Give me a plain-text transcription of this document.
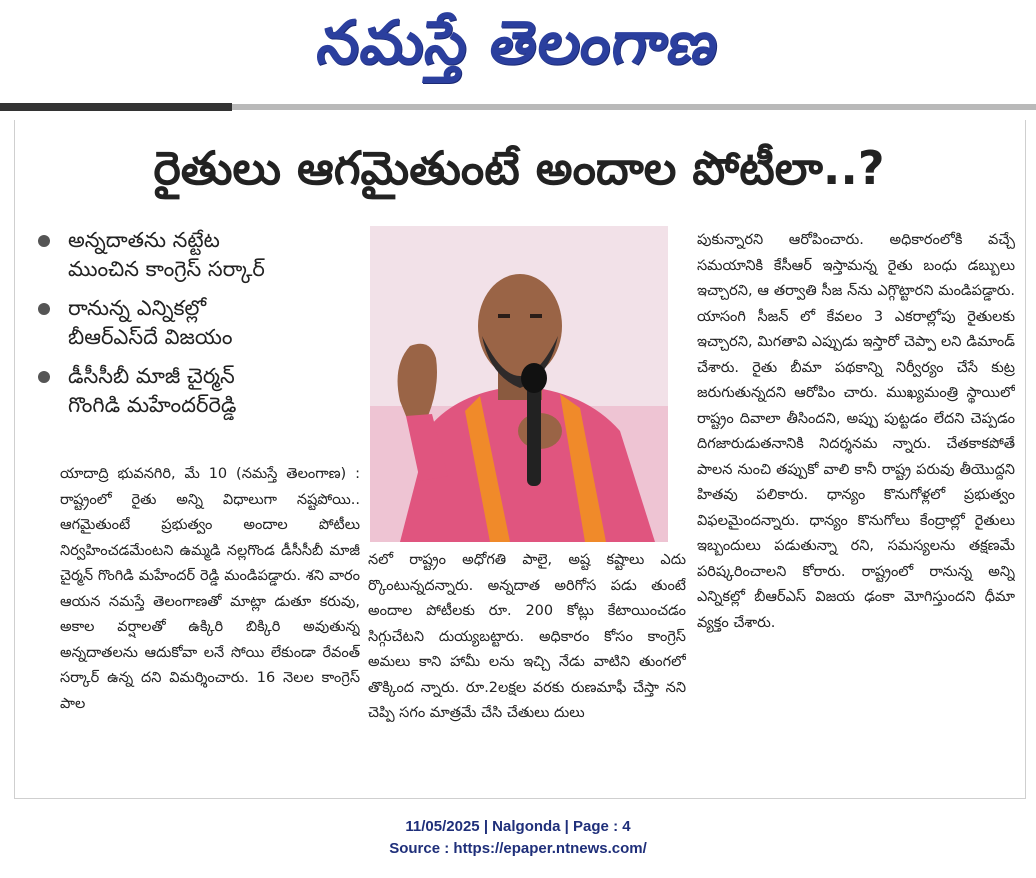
నమస్తే తెలంగాణ
రైతులు ఆగమైతుంటే అందాల పోటీలా..?
అన్నదాతను నట్టేట
ముంచిన కాంగ్రెస్ సర్కార్
రానున్న ఎన్నికల్లో
బీఆర్ఎస్‌దే విజయం
డీసీసీబీ మాజీ చైర్మన్
గొంగిడి మహేందర్‌రెడ్డి
యాదాద్రి భువనగిరి, మే 10 (నమస్తే తెలంగాణ) : రాష్ట్రంలో రైతు అన్ని విధాలుగా నష్టపోయి.. ఆగమైతుంటే ప్రభుత్వం అందాల పోటీలు నిర్వహించడమేంటని ఉమ్మడి నల్లగొండ డీసీసీబీ మాజీ చైర్మన్ గొంగిడి మహేందర్ రెడ్డి మండిపడ్డారు. శని వారం ఆయన నమస్తే తెలంగాణతో మాట్లా డుతూ కరువు, అకాల వర్షాలతో ఉక్కిరి బిక్కిరి అవుతున్న అన్నదాతలను ఆదుకోవా లనే సోయి లేకుండా రేవంత్ సర్కార్ ఉన్న దని విమర్శించారు. 16 నెలల కాంగ్రెస్ పాల
నలో రాష్ట్రం అధోగతి పాలై, అష్ట కష్టాలు ఎదు ర్కొంటున్నదన్నారు. అన్నదాత అరిగోస పడు తుంటే అందాల పోటీలకు రూ. 200 కోట్లు కేటాయించడం సిగ్గుచేటని దుయ్యబట్టారు. అధికారం కోసం కాంగ్రెస్ అమలు కాని హామీ లను ఇచ్చి నేడు వాటిని తుంగలో తొక్కింద న్నారు. రూ.2లక్షల వరకు రుణమాఫీ చేస్తా నని చెప్పి సగం మాత్రమే చేసి చేతులు దులు
పుకున్నారని ఆరోపించారు. అధికారంలోకి వచ్చే సమయానికి కేసీఆర్ ఇస్తామన్న రైతు బంధు డబ్బులు ఇచ్చారని, ఆ తర్వాతి సీజ న్‌ను ఎగ్గొట్టారని మండిపడ్డారు. యాసంగి సీజన్ లో కేవలం 3 ఎకరాల్లోపు రైతులకు ఇచ్చారని, మిగతావి ఎప్పుడు ఇస్తారో చెప్పా లని డిమాండ్ చేశారు. రైతు బీమా పథకాన్ని నిర్వీర్యం చేసే కుట్ర జరుగుతున్నదని ఆరోపిం చారు. ముఖ్యమంత్రి స్థాయిలో రాష్ట్రం దివాలా తీసిందని, అప్పు పుట్టడం లేదని చెప్పడం దిగజారుడుతనానికి నిదర్శనమ న్నారు. చేతకాకపోతే పాలన నుంచి తప్పుకో వాలి కానీ రాష్ట్ర పరువు తీయొద్దని హితవు పలికారు. ధాన్యం కొనుగోళ్లలో ప్రభుత్వం విఫలమైందన్నారు. ధాన్యం కొనుగోలు కేంద్రాల్లో రైతులు ఇబ్బందులు పడుతున్నా రని, సమస్యలను తక్షణమే పరిష్కరించాలని కోరారు. రాష్ట్రంలో రానున్న అన్ని ఎన్నికల్లో బీఆర్ఎస్ విజయ ఢంకా మోగిస్తుందని ధీమా వ్యక్తం చేశారు.
11/05/2025 | Nalgonda | Page : 4
Source : https://epaper.ntnews.com/
